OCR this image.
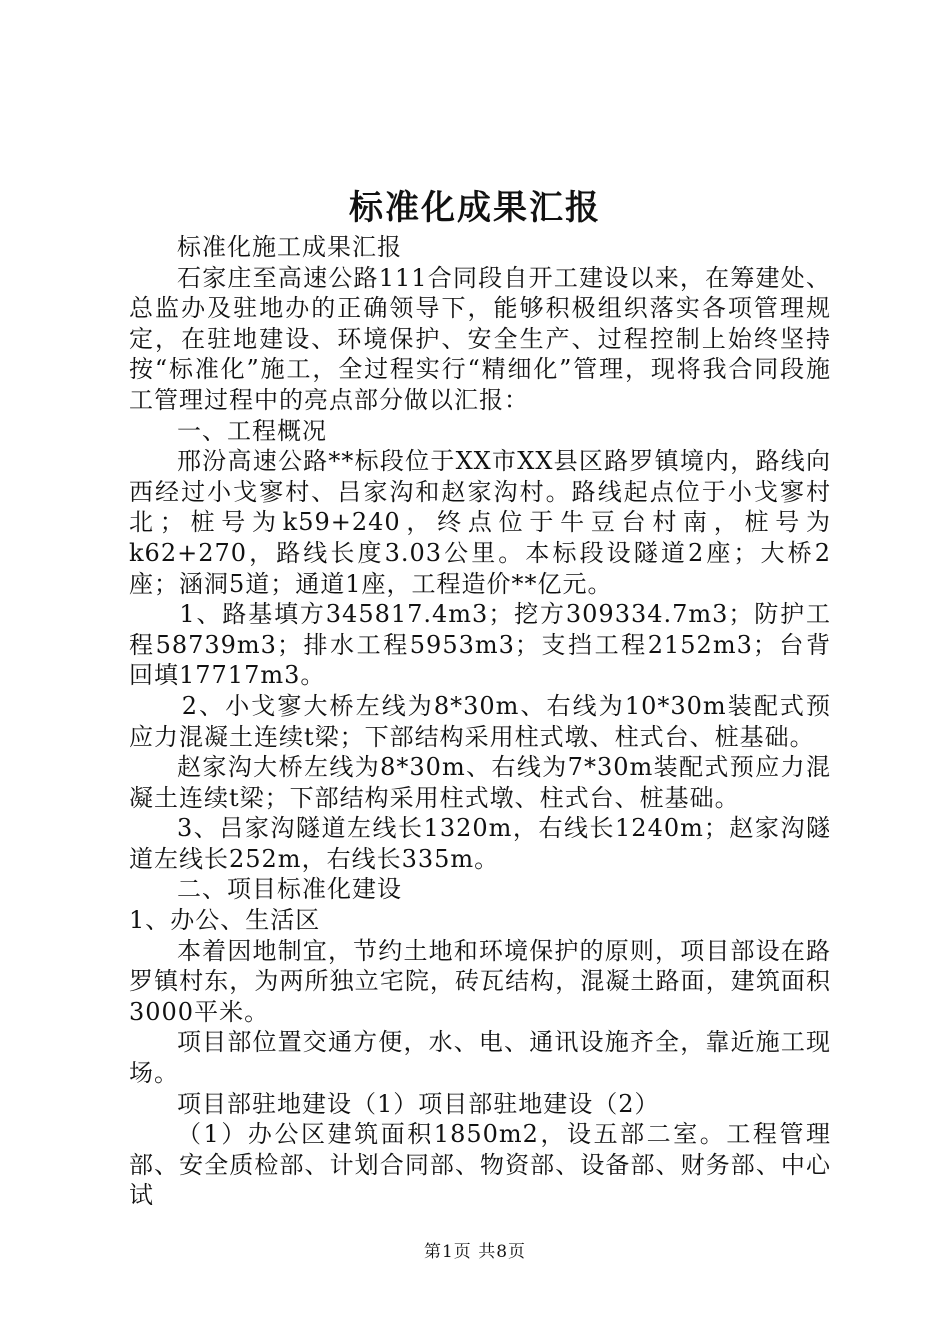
标准化成果汇报

标准化施工成果汇报

石家庄至高速公路111合同段自开工建设以来，在筹建处、总监办及驻地办的正确领导下，能够积极组织落实各项管理规定，在驻地建设、环境保护、安全生产、过程控制上始终坚持按“标准化”施工，全过程实行“精细化”管理，现将我合同段施工管理过程中的亮点部分做以汇报：

一、工程概况

邢汾高速公路**标段位于XX市XX县区路罗镇境内，路线向西经过小戈寥村、吕家沟和赵家沟村。路线起点位于小戈寥村北；桩号为k59+240，终点位于牛豆台村南，桩号为k62+270，路线长度3.03公里。本标段设隧道2座；大桥2座；涵洞5道；通道1座，工程造价**亿元。

1、路基填方345817.4m3；挖方309334.7m3；防护工程58739m3；排水工程5953m3；支挡工程2152m3；台背回填17717m3。

2、小戈寥大桥左线为8*30m、右线为10*30m装配式预应力混凝土连续t梁；下部结构采用柱式墩、柱式台、桩基础。

赵家沟大桥左线为8*30m、右线为7*30m装配式预应力混凝土连续t梁；下部结构采用柱式墩、柱式台、桩基础。

3、吕家沟隧道左线长1320m，右线长1240m；赵家沟隧道左线长252m，右线长335m。

二、项目标准化建设

1、办公、生活区

本着因地制宜，节约土地和环境保护的原则，项目部设在路罗镇村东，为两所独立宅院，砖瓦结构，混凝土路面，建筑面积3000平米。

项目部位置交通方便，水、电、通讯设施齐全，靠近施工现场。

项目部驻地建设（1）项目部驻地建设（2）

（1）办公区建筑面积1850m2，设五部二室。工程管理部、安全质检部、计划合同部、物资部、设备部、财务部、中心试

第1页 共8页
